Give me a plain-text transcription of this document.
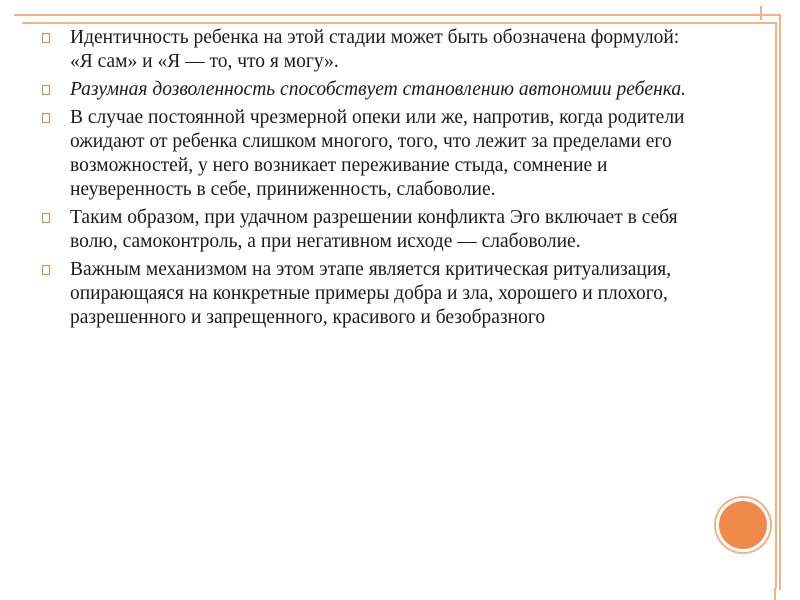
Идентичность ребенка на этой стадии может быть обозначена формулой: «Я сам» и «Я — то, что я могу».
Разумная дозволенность способствует становлению автономии ребенка.
В случае постоянной чрезмерной опеки или же, напротив, когда родители ожидают от ребенка слишком многого, того, что лежит за пределами его возможностей, у него возникает переживание стыда, сомнение и неуверенность в себе, приниженность, слабоволие.
Таким образом, при удачном разрешении конфликта Эго включает в себя волю, самоконтроль, а при негативном исходе — слабоволие.
Важным механизмом на этом этапе является критическая ритуализация, опирающаяся на конкретные примеры добра и зла, хорошего и плохого, разрешенного и запрещенного, красивого и безобразного
